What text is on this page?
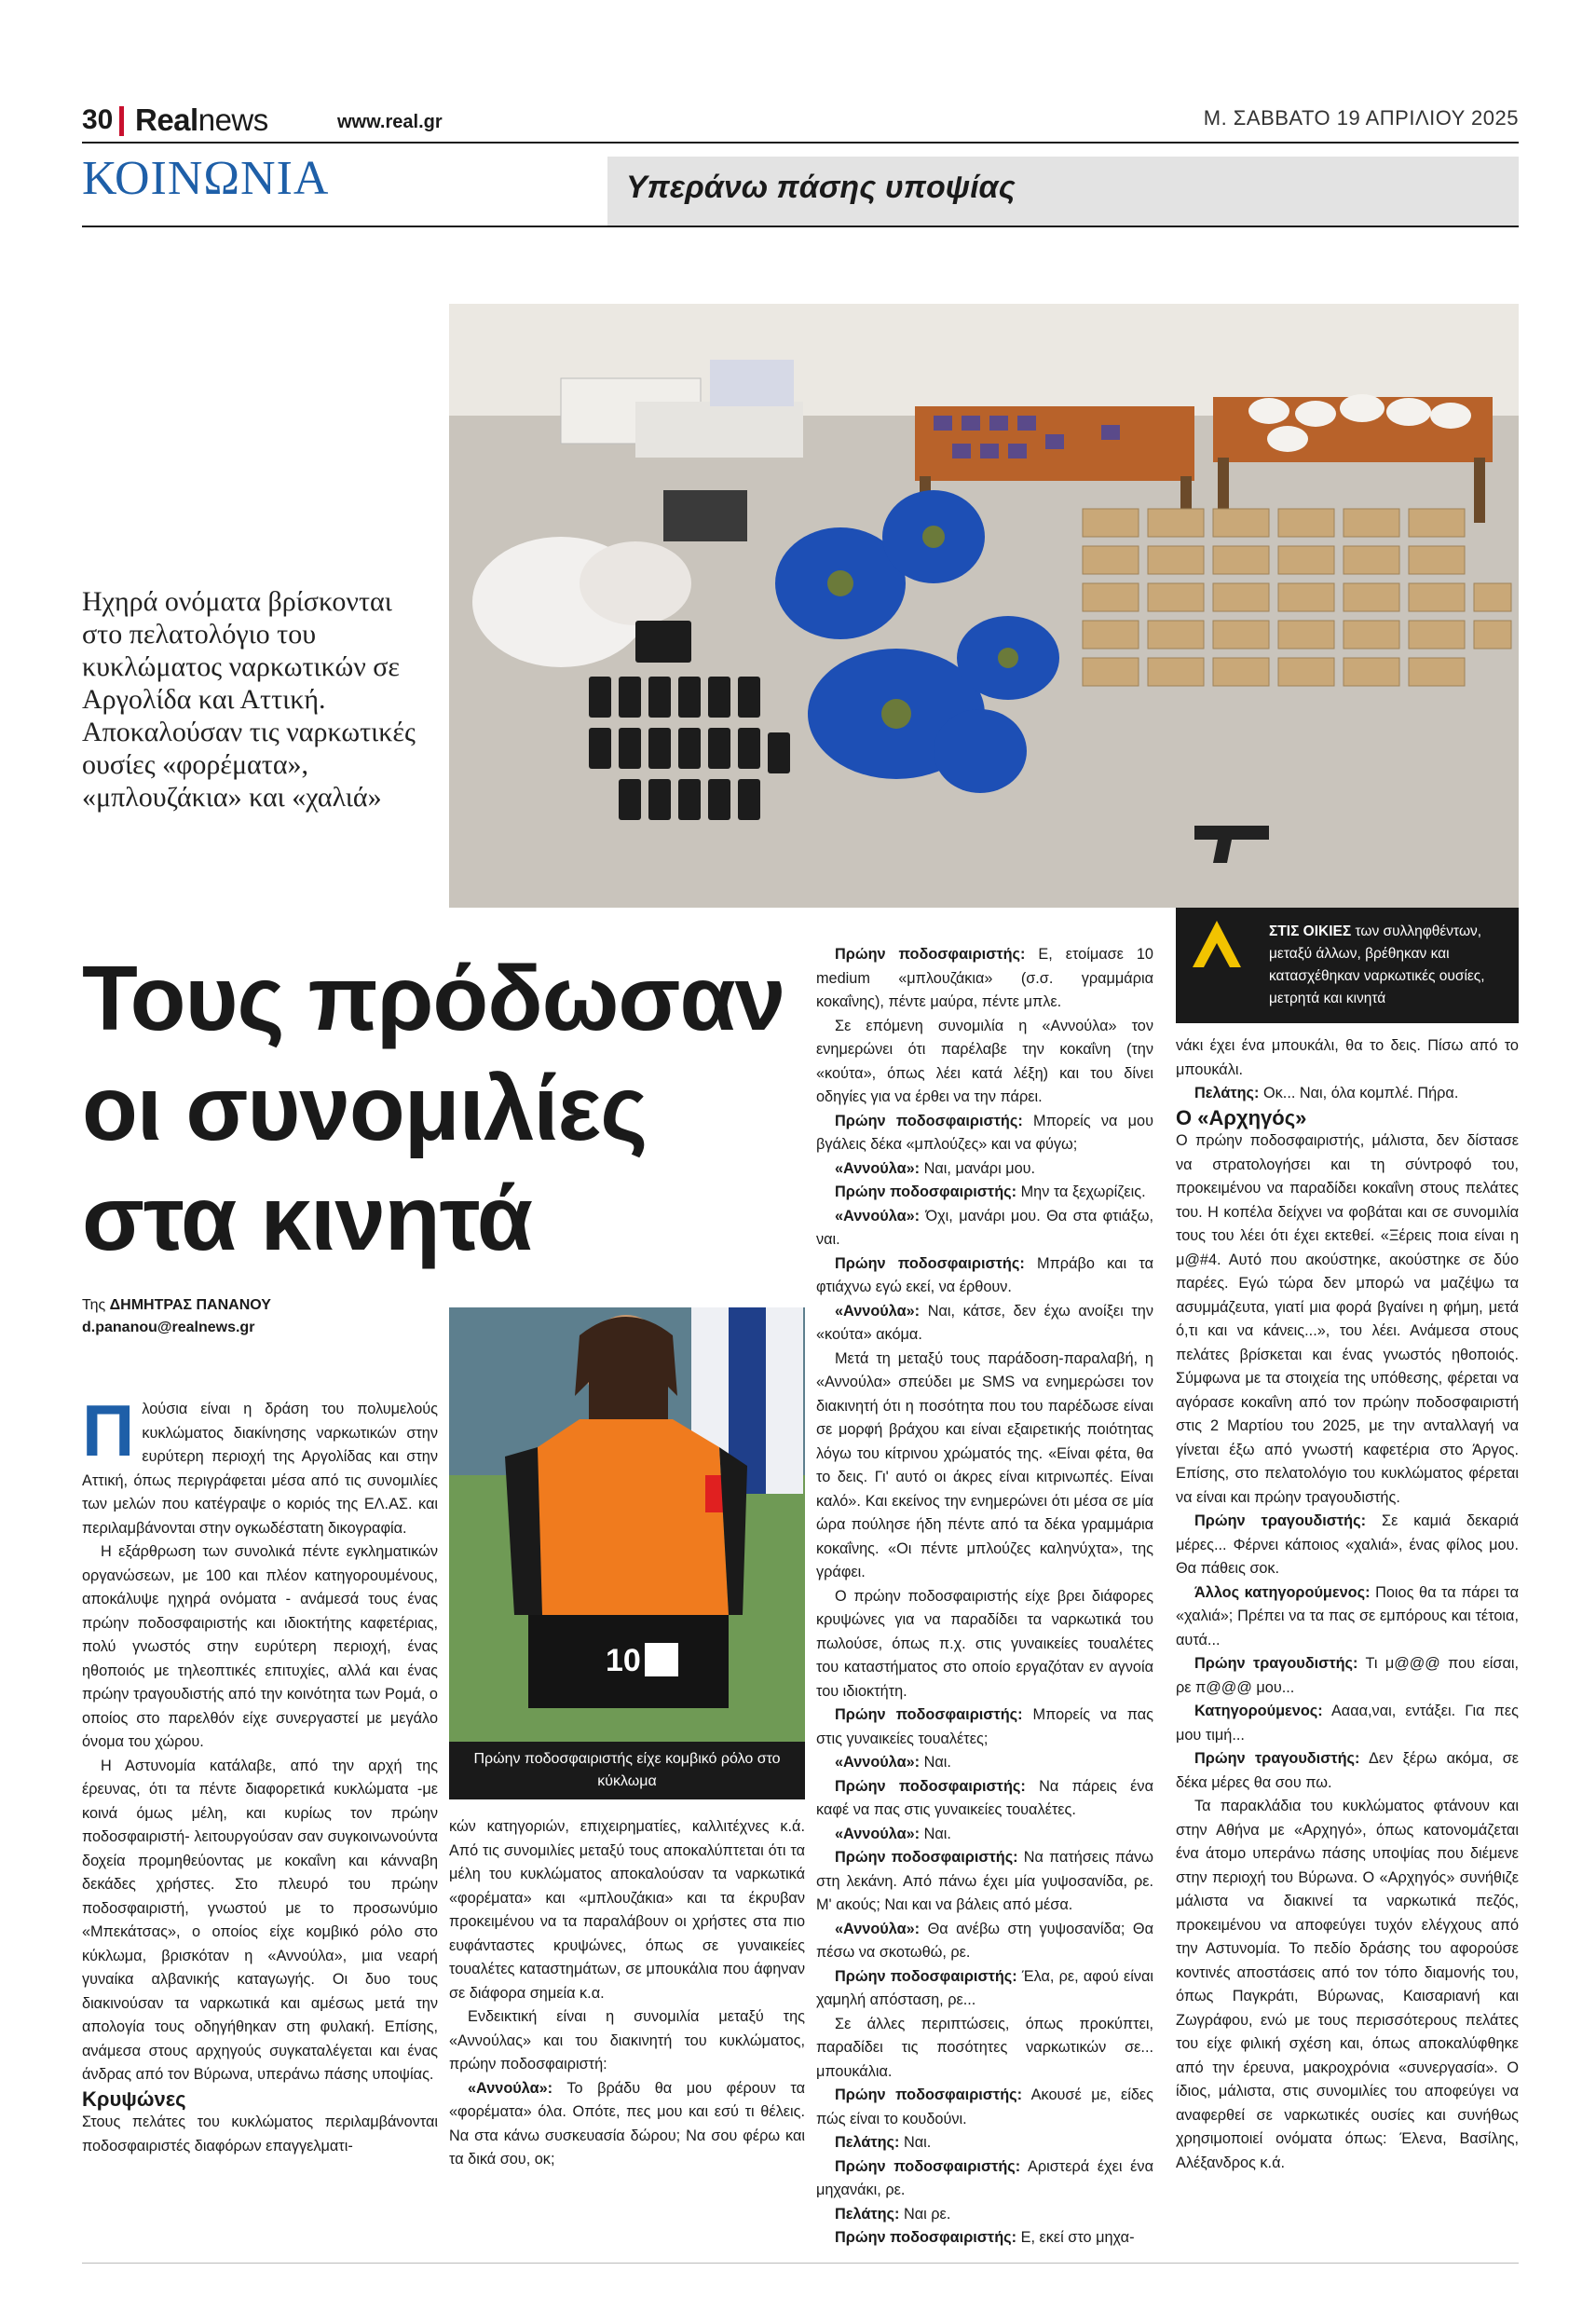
30 Realnews	www.real.gr	Μ. ΣΑΒΒΑΤΟ 19 ΑΠΡΙΛΙΟΥ 2025
ΚΟΙΝΩΝΙΑ	Υπεράνω πάσης υποψίας
Ηχηρά ονόματα βρίσκονται στο πελατολόγιο του κυκλώματος ναρκωτικών σε Αργολίδα και Αττική. Αποκαλούσαν τις ναρκωτικές ουσίες «φορέματα», «μπλουζάκια» και «χαλιά»
ΣΤΙΣ ΟΙΚΙΕΣ των συλληφθέντων, μεταξύ άλλων, βρέθηκαν και κατασχέθηκαν ναρκωτικές ουσίες, μετρητά και κινητά
Τους πρόδωσαν οι συνομιλίες στα κινητά
Της ΔΗΜΗΤΡΑΣ ΠΑΝΑΝΟΥ
d.pananou@realnews.gr
10
Πρώην ποδοσφαιριστής είχε κομβικό ρόλο στο κύκλωμα

Πλούσια είναι η δράση του πολυμελούς κυκλώματος διακίνησης ναρκωτικών στην ευρύτερη περιοχή της Αργολίδας και στην Αττική, όπως περιγράφεται μέσα από τις συνομιλίες των μελών που κατέγραψε ο κοριός της ΕΛ.ΑΣ. και περιλαμβάνονται στην ογκωδέστατη δικογραφία.

Η εξάρθρωση των συνολικά πέντε εγκληματικών οργανώσεων, με 100 και πλέον κατηγορουμένους, αποκάλυψε ηχηρά ονόματα - ανάμεσά τους ένας πρώην ποδοσφαιριστής και ιδιοκτήτης καφετέριας, πολύ γνωστός στην ευρύτερη περιοχή, ένας ηθοποιός με τηλεοπτικές επιτυχίες, αλλά και ένας πρώην τραγουδιστής από την κοινότητα των Ρομά, ο οποίος στο παρελθόν είχε συνεργαστεί με μεγάλο όνομα του χώρου.

Η Αστυνομία κατάλαβε, από την αρχή της έρευνας, ότι τα πέντε διαφορετικά κυκλώματα -με κοινά όμως μέλη, και κυρίως τον πρώην ποδοσφαιριστή- λειτουργούσαν σαν συγκοινωνούντα δοχεία προμηθεύοντας με κοκαΐνη και κάνναβη δεκάδες χρήστες. Στο πλευρό του πρώην ποδοσφαιριστή, γνωστού με το προσωνύμιο «Μπεκάτσας», ο οποίος είχε κομβικό ρόλο στο κύκλωμα, βρισκόταν η «Αννούλα», μια νεαρή γυναίκα αλβανικής καταγωγής. Οι δυο τους διακινούσαν τα ναρκωτικά και αμέσως μετά την απολογία τους οδηγήθηκαν στη φυλακή. Επίσης, ανάμεσα στους αρχηγούς συγκαταλέγεται και ένας άνδρας από τον Βύρωνα, υπεράνω πάσης υποψίας.

Κρυψώνες

Στους πελάτες του κυκλώματος περιλαμβάνονται ποδοσφαιριστές διαφόρων επαγγελματι-

κών κατηγοριών, επιχειρηματίες, καλλιτέχνες κ.ά. Από τις συνομιλίες μεταξύ τους αποκαλύπτεται ότι τα μέλη του κυκλώματος αποκαλούσαν τα ναρκωτικά «φορέματα» και «μπλουζάκια» και τα έκρυβαν προκειμένου να τα παραλάβουν οι χρήστες στα πιο ευφάνταστες κρυψώνες, όπως σε γυναικείες τουαλέτες καταστημάτων, σε μπουκάλια που άφηναν σε διάφορα σημεία κ.α.

Ενδεικτική είναι η συνομιλία μεταξύ της «Αννούλας» και του διακινητή του κυκλώματος, πρώην ποδοσφαιριστή:

«Αννούλα»: Το βράδυ θα μου φέρουν τα «φορέματα» όλα. Οπότε, πες μου και εσύ τι θέλεις. Να στα κάνω συσκευασία δώρου; Να σου φέρω και τα δικά σου, οκ;

Πρώην ποδοσφαιριστής: Ε, ετοίμασε 10 medium «μπλουζάκια» (σ.σ. γραμμάρια κοκαΐνης), πέντε μαύρα, πέντε μπλε.

Σε επόμενη συνομιλία η «Αννούλα» τον ενημερώνει ότι παρέλαβε την κοκαΐνη (την «κούτα», όπως λέει κατά λέξη) και του δίνει οδηγίες για να έρθει να την πάρει.

Πρώην ποδοσφαιριστής: Μπορείς να μου βγάλεις δέκα «μπλούζες» και να φύγω;

«Αννούλα»: Ναι, μανάρι μου.

Πρώην ποδοσφαιριστής: Μην τα ξεχωρίζεις.

«Αννούλα»: Όχι, μανάρι μου. Θα στα φτιάξω, ναι.

Πρώην ποδοσφαιριστής: Μπράβο και τα φτιάχνω εγώ εκεί, να έρθουν.

«Αννούλα»: Ναι, κάτσε, δεν έχω ανοίξει την «κούτα» ακόμα.

Μετά τη μεταξύ τους παράδοση-παραλαβή, η «Αννούλα» σπεύδει με SMS να ενημερώσει τον διακινητή ότι η ποσότητα που του παρέδωσε είναι σε μορφή βράχου και είναι εξαιρετικής ποιότητας λόγω του κίτρινου χρώματός της. «Είναι φέτα, θα το δεις. Γι' αυτό οι άκρες είναι κιτρινωπές. Είναι καλό». Και εκείνος την ενημερώνει ότι μέσα σε μία ώρα πούλησε ήδη πέντε από τα δέκα γραμμάρια κοκαΐνης. «Οι πέντε μπλούζες καληνύχτα», της γράφει.

Ο πρώην ποδοσφαιριστής είχε βρει διάφορες κρυψώνες για να παραδίδει τα ναρκωτικά του πωλούσε, όπως π.χ. στις γυναικείες τουαλέτες του καταστήματος στο οποίο εργαζόταν εν αγνοία του ιδιοκτήτη.

Πρώην ποδοσφαιριστής: Μπορείς να πας στις γυναικείες τουαλέτες;

«Αννούλα»: Ναι.

Πρώην ποδοσφαιριστής: Να πάρεις ένα καφέ να πας στις γυναικείες τουαλέτες.

«Αννούλα»: Ναι.

Πρώην ποδοσφαιριστής: Να πατήσεις πάνω στη λεκάνη. Από πάνω έχει μία γυψοσανίδα, ρε. Μ' ακούς; Ναι και να βάλεις από μέσα.

«Αννούλα»: Θα ανέβω στη γυψοσανίδα; Θα πέσω να σκοτωθώ, ρε.

Πρώην ποδοσφαιριστής: Έλα, ρε, αφού είναι χαμηλή απόσταση, ρε...

Σε άλλες περιπτώσεις, όπως προκύπτει, παραδίδει τις ποσότητες ναρκωτικών σε... μπουκάλια.

Πρώην ποδοσφαιριστής: Ακουσέ με, είδες πώς είναι το κουδούνι.

Πελάτης: Ναι.

Πρώην ποδοσφαιριστής: Αριστερά έχει ένα μηχανάκι, ρε.

Πελάτης: Ναι ρε.

Πρώην ποδοσφαιριστής: Ε, εκεί στο μηχα-

νάκι έχει ένα μπουκάλι, θα το δεις. Πίσω από το μπουκάλι.

Πελάτης: Οκ... Ναι, όλα κομπλέ. Πήρα.

Ο «Αρχηγός»

Ο πρώην ποδοσφαιριστής, μάλιστα, δεν δίστασε να στρατολογήσει και τη σύντροφό του, προκειμένου να παραδίδει κοκαΐνη στους πελάτες του. Η κοπέλα δείχνει να φοβάται και σε συνομιλία τους του λέει ότι έχει εκτεθεί. «Ξέρεις ποια είναι η μ@#4. Αυτό που ακούστηκε, ακούστηκε σε δύο παρέες. Εγώ τώρα δεν μπορώ να μαζέψω τα ασυμμάζευτα, γιατί μια φορά βγαίνει η φήμη, μετά ό,τι και να κάνεις...», του λέει. Ανάμεσα στους πελάτες βρίσκεται και ένας γνωστός ηθοποιός. Σύμφωνα με τα στοιχεία της υπόθεσης, φέρεται να αγόρασε κοκαΐνη από τον πρώην ποδοσφαιριστή στις 2 Μαρτίου του 2025, με την ανταλλαγή να γίνεται έξω από γνωστή καφετέρια στο Άργος. Επίσης, στο πελατολόγιο του κυκλώματος φέρεται να είναι και πρώην τραγουδιστής.

Πρώην τραγουδιστής: Σε καμιά δεκαριά μέρες... Φέρνει κάποιος «χαλιά», ένας φίλος μου. Θα πάθεις σοκ.

Άλλος κατηγορούμενος: Ποιος θα τα πάρει τα «χαλιά»; Πρέπει να τα πας σε εμπόρους και τέτοια, αυτά...

Πρώην τραγουδιστής: Τι μ@@@ που είσαι, ρε π@@@ μου...

Κατηγορούμενος: Αααα,ναι, εντάξει. Για πες μου τιμή...

Πρώην τραγουδιστής: Δεν ξέρω ακόμα, σε δέκα μέρες θα σου πω.

Τα παρακλάδια του κυκλώματος φτάνουν και στην Αθήνα με «Αρχηγό», όπως κατονομάζεται ένα άτομο υπεράνω πάσης υποψίας που διέμενε στην περιοχή του Βύρωνα. Ο «Αρχηγός» συνήθιζε μάλιστα να διακινεί τα ναρκωτικά πεζός, προκειμένου να αποφεύγει τυχόν ελέγχους από την Αστυνομία. Το πεδίο δράσης του αφορούσε κοντινές αποστάσεις από τον τόπο διαμονής του, όπως Παγκράτι, Βύρωνας, Καισαριανή και Ζωγράφου, ενώ με τους περισσότερους πελάτες του είχε φιλική σχέση και, όπως αποκαλύφθηκε από την έρευνα, μακροχρόνια «συνεργασία». Ο ίδιος, μάλιστα, στις συνομιλίες του αποφεύγει να αναφερθεί σε ναρκωτικές ουσίες και συνήθως χρησιμοποιεί ονόματα όπως: Έλενα, Βασίλης, Αλέξανδρος κ.ά.
